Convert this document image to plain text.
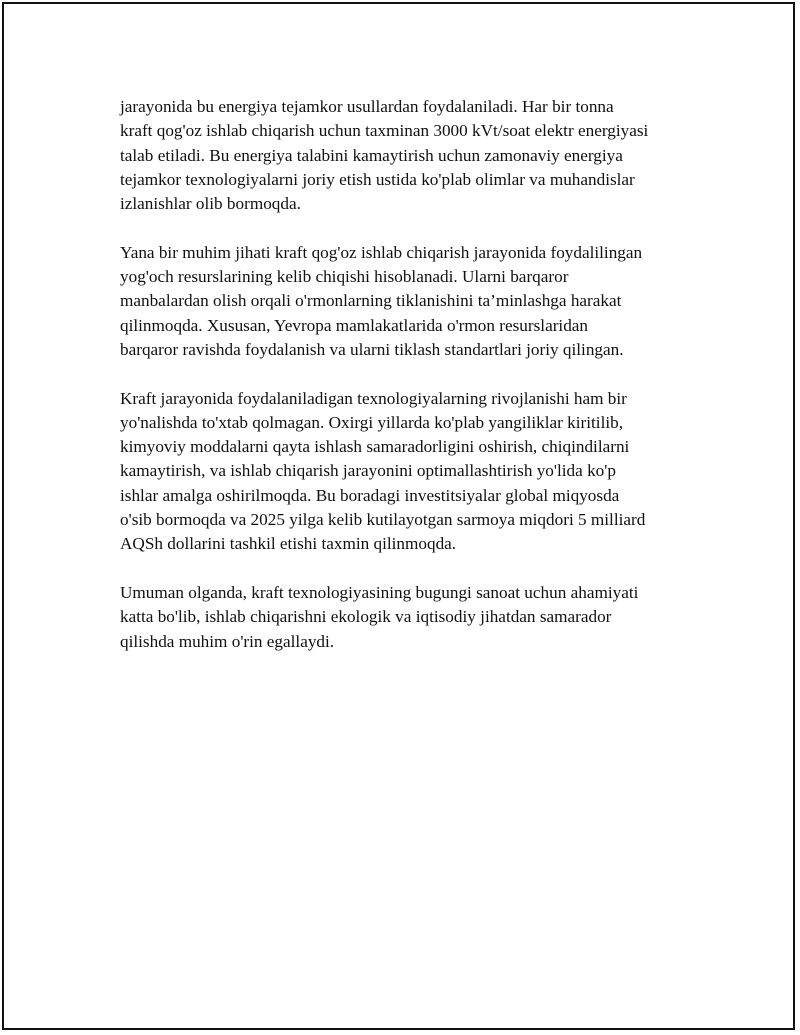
jarayonida bu energiya tejamkor usullardan foydalaniladi. Har bir tonna
kraft qog'oz ishlab chiqarish uchun taxminan 3000 kVt/soat elektr energiyasi
talab etiladi. Bu energiya talabini kamaytirish uchun zamonaviy energiya
tejamkor texnologiyalarni joriy etish ustida ko'plab olimlar va muhandislar
izlanishlar olib bormoqda.

Yana bir muhim jihati kraft qog'oz ishlab chiqarish jarayonida foydalilingan
yog'och resurslarining kelib chiqishi hisoblanadi. Ularni barqaror
manbalardan olish orqali o'rmonlarning tiklanishini ta’minlashga harakat
qilinmoqda. Xususan, Yevropa mamlakatlarida o'rmon resurslaridan
barqaror ravishda foydalanish va ularni tiklash standartlari joriy qilingan.

Kraft jarayonida foydalaniladigan texnologiyalarning rivojlanishi ham bir
yo'nalishda to'xtab qolmagan. Oxirgi yillarda ko'plab yangiliklar kiritilib,
kimyoviy moddalarni qayta ishlash samaradorligini oshirish, chiqindilarni
kamaytirish, va ishlab chiqarish jarayonini optimallashtirish yo'lida ko'p
ishlar amalga oshirilmoqda. Bu boradagi investitsiyalar global miqyosda
o'sib bormoqda va 2025 yilga kelib kutilayotgan sarmoya miqdori 5 milliard
AQSh dollarini tashkil etishi taxmin qilinmoqda.

Umuman olganda, kraft texnologiyasining bugungi sanoat uchun ahamiyati
katta bo'lib, ishlab chiqarishni ekologik va iqtisodiy jihatdan samarador
qilishda muhim o'rin egallaydi.
